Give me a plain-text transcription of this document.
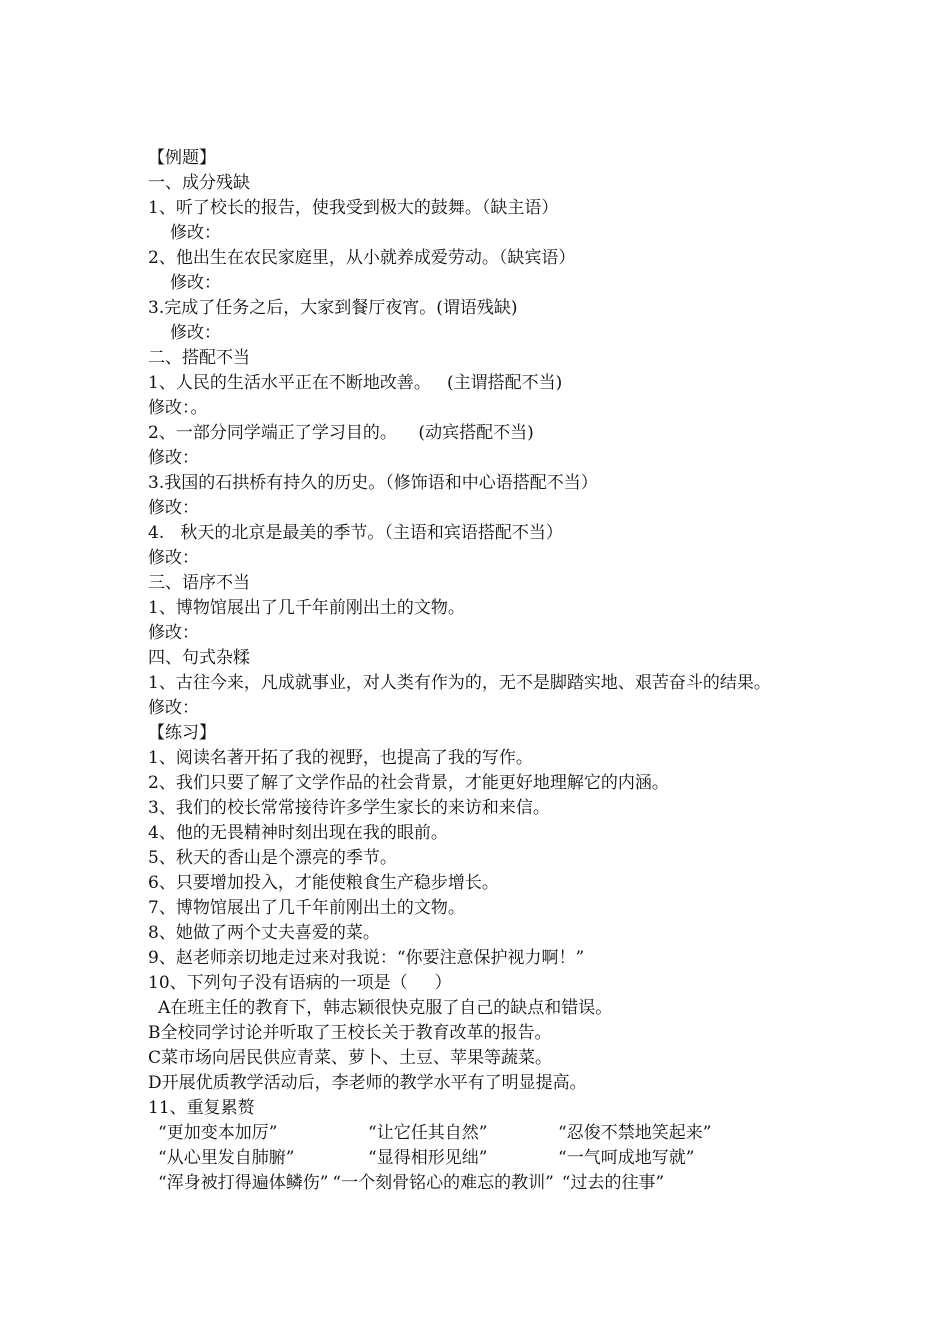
【例题】
一、成分残缺
1、听了校长的报告，使我受到极大的鼓舞。（缺主语）
修改：
2、他出生在农民家庭里，从小就养成爱劳动。（缺宾语）
修改：
3.完成了任务之后，大家到餐厅夜宵。(谓语残缺)
修改：
二、搭配不当
1、人民的生活水平正在不断地改善。   (主谓搭配不当)
修改：。
2、一部分同学端正了学习目的。    (动宾搭配不当)
修改：
3.我国的石拱桥有持久的历史。（修饰语和中心语搭配不当）
修改：
4.   秋天的北京是最美的季节。（主语和宾语搭配不当）
修改：
三、语序不当
1、博物馆展出了几千年前刚出土的文物。
修改：
四、句式杂糅
1、古往今来，凡成就事业，对人类有作为的，无不是脚踏实地、艰苦奋斗的结果。
修改：
【练习】
1、阅读名著开拓了我的视野，也提高了我的写作。
2、我们只要了解了文学作品的社会背景，才能更好地理解它的内涵。
3、我们的校长常常接待许多学生家长的来访和来信。
4、他的无畏精神时刻出现在我的眼前。
5、秋天的香山是个漂亮的季节。
6、只要增加投入，才能使粮食生产稳步增长。
7、博物馆展出了几千年前刚出土的文物。
8、她做了两个丈夫喜爱的菜。
9、赵老师亲切地走过来对我说：“你要注意保护视力啊！”
10、下列句子没有语病的一项是（     ）
A在班主任的教育下，韩志颖很快克服了自己的缺点和错误。
B全校同学讨论并听取了王校长关于教育改革的报告。
C菜市场向居民供应青菜、萝卜、土豆、苹果等蔬菜。
D开展优质教学活动后，李老师的教学水平有了明显提高。
11、重复累赘
“更加变本加厉”	“让它任其自然”	“忍俊不禁地笑起来”
“从心里发自肺腑”	“显得相形见绌”	“一气呵成地写就”
“浑身被打得遍体鳞伤” “一个刻骨铭心的难忘的教训” “过去的往事”
